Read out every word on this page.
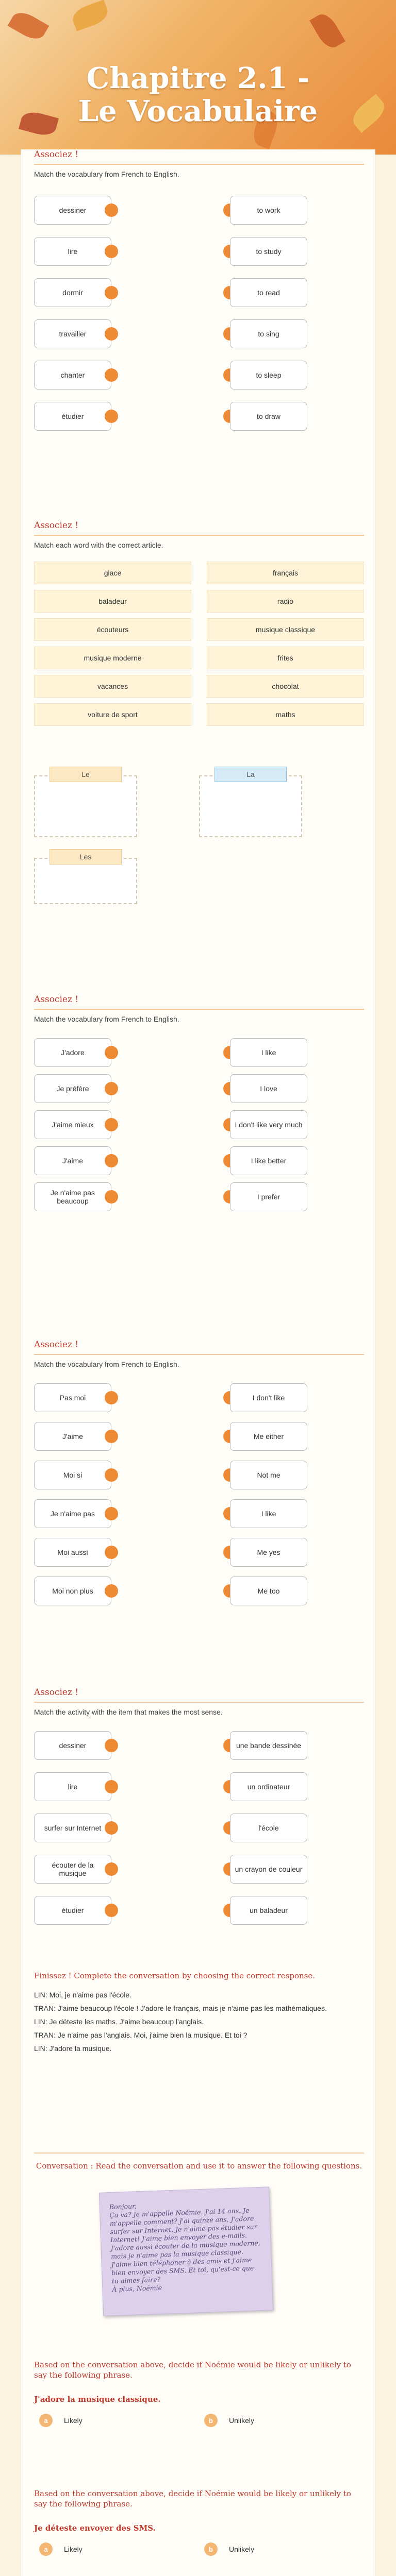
Chapitre 2.1 -
Le Vocabulaire
Associez !
Match the vocabulary from French to English.
dessiner	to work
lire	to study
dormir	to read
travailler	to sing
chanter	to sleep
étudier	to draw
Associez !
Match each word with the correct article.
glace	français
baladeur	radio
écouteurs	musique classique
musique moderne	frites
vacances	chocolat
voiture de sport	maths
Le	La
Les
Associez !
Match the vocabulary from French to English.
J'adore	I like
Je préfère	I love
J'aime mieux	I don't like very much
J'aime	I like better
Je n'aime pas beaucoup	I prefer
Associez !
Match the vocabulary from French to English.
Pas moi	I don't like
J'aime	Me either
Moi si	Not me
Je n'aime pas	I like
Moi aussi	Me yes
Moi non plus	Me too
Associez !
Match the activity with the item that makes the most sense.
dessiner	une bande dessinée
lire	un ordinateur
surfer sur Internet	l'école
écouter de la musique	un crayon de couleur
étudier	un baladeur
Finissez ! Complete the conversation by choosing the correct response.
LIN: Moi, je n'aime pas l'école.
TRAN: J'aime beaucoup l'école ! J'adore le français, mais je n'aime pas les mathématiques.
LIN: Je déteste les maths. J'aime beaucoup l'anglais.
TRAN: Je n'aime pas l'anglais. Moi, j'aime bien la musique. Et toi ?
LIN: J'adore la musique.
Conversation : Read the conversation and use it to answer the following questions.
Bonjour,
Ça va? Je m'appelle Noémie. J'ai 14 ans. Je m'appelle comment? J'ai quinze ans. J'adore surfer sur Internet. Je n'aime pas étudier sur Internet! J'aime bien envoyer des e-mails. J'adore aussi écouter de la musique moderne, mais je n'aime pas la musique classique. J'aime bien téléphoner à des amis et j'aime bien envoyer des SMS. Et toi, qu'est-ce que tu aimes faire?
À plus, Noémie
Based on the conversation above, decide if Noémie would be likely or unlikely to say the following phrase.
J'adore la musique classique.
a	Likely	b	Unlikely
Based on the conversation above, decide if Noémie would be likely or unlikely to say the following phrase.
Je déteste envoyer des SMS.
a	Likely	b	Unlikely
